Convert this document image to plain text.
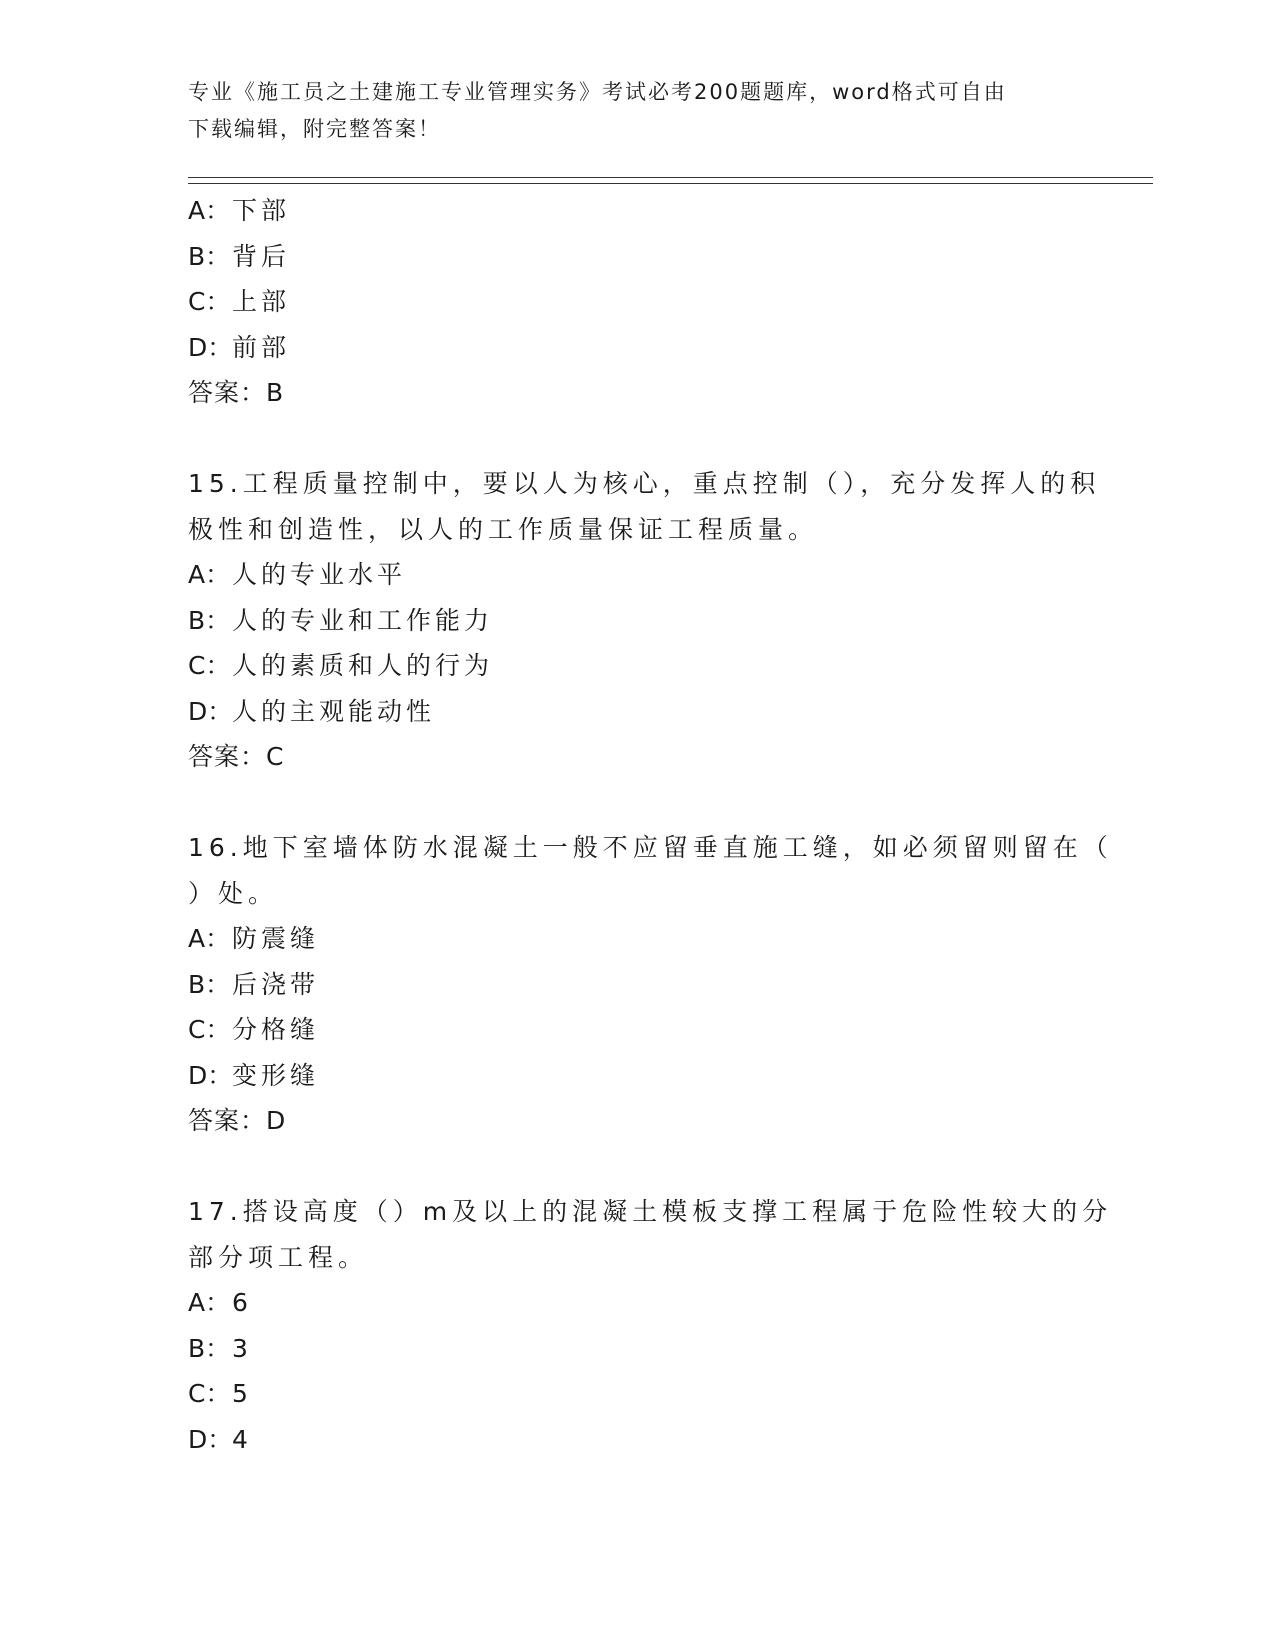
专业《施工员之土建施工专业管理实务》考试必考200题题库，word格式可自由
下载编辑，附完整答案！
A：下部
B：背后
C：上部
D：前部
答案：B
15.工程质量控制中，要以人为核心，重点控制（），充分发挥人的积
极性和创造性，以人的工作质量保证工程质量。
A：人的专业水平
B：人的专业和工作能力
C：人的素质和人的行为
D：人的主观能动性
答案：C
16.地下室墙体防水混凝土一般不应留垂直施工缝，如必须留则留在（
）处。
A：防震缝
B：后浇带
C：分格缝
D：变形缝
答案：D
17.搭设高度（）m及以上的混凝土模板支撑工程属于危险性较大的分
部分项工程。
A：6
B：3
C：5
D：4
